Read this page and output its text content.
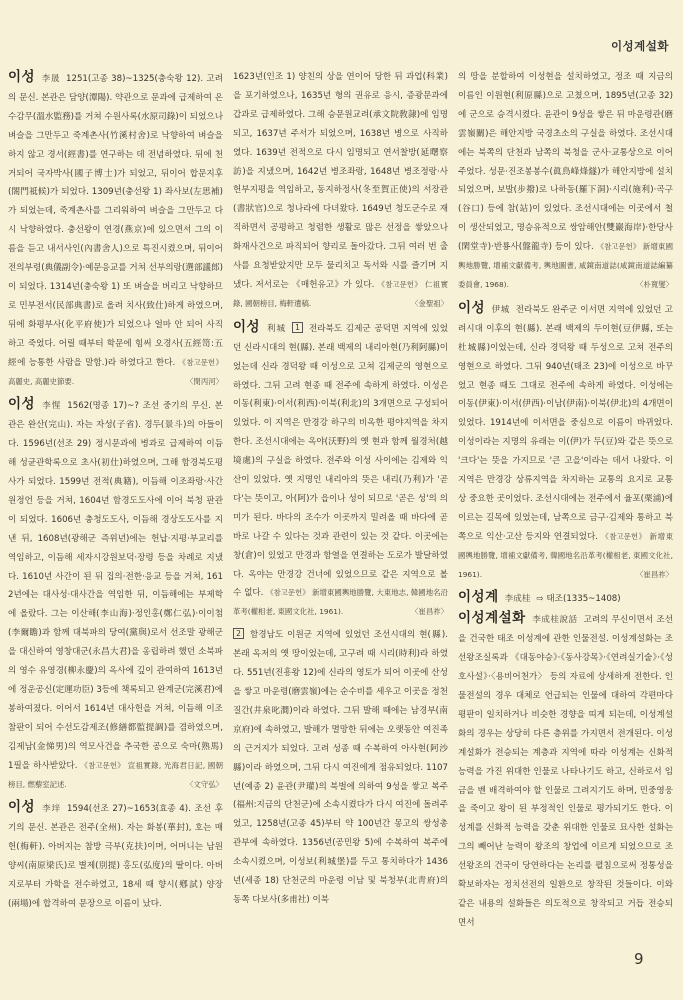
이성계설화

이성 李晟 1251(고종 38)~1325(충숙왕 12). 고려의 문신. 본관은 담양(潭陽). 약관으로 문과에 급제하여 온수감무(溫水監務)를 거쳐 수원사록(水原司錄)이 되었으나 벼슬을 그만두고 죽계촌사(竹溪村舍)로 낙향하여 벼슬을 하지 않고 경서(經書)를 연구하는 데 전념하였다. 뒤에 천거되어 국자박사(國子博士)가 되었고, 뒤이어 합문지후(閤門祗候)가 되었다. 1309년(충선왕 1) 좌사보(左思補)가 되었는데, 죽계촌사를 그리워하여 벼슬을 그만두고 다시 낙향하였다. 충선왕이 연경(燕京)에 있으면서 그의 이름을 듣고 내서사인(內書舍人)으로 특진시켰으며, 뒤이어 전의부령(典儀副令)·예문응교를 거쳐 선부의랑(選部議郎)이 되었다. 1314년(충숙왕 1) 또 벼슬을 버리고 낙향하므로 민부전서(民部典書)로 올려 치사(致仕)하게 하였으며, 뒤에 화평부사(化平府使)가 되었으나 얼마 안 되어 사직하고 죽었다. 어릴 때부터 학문에 힘써 오경사(五經笥:五經에 능통한 사람을 말함.)라 하였다고 한다. 《참고문헌》 高麗史, 高麗史節要.	〈閔丙河〉

이성 李惺 1562(명종 17)~? 조선 중기의 무신. 본관은 완산(完山). 자는 자성(子省). 경두(景斗)의 아들이다. 1596년(선조 29) 정시문과에 병과로 급제하여 이듬해 성균관학록으로 초사(初仕)하였으며, 그해 함경북도평사가 되었다. 1599년 전적(典籍), 이듬해 이조좌랑·사간원정언 등을 거쳐, 1604년 함경도도사에 이어 북청 판관이 되었다. 1606년 충청도도사, 이듬해 경상도도사를 지낸 뒤, 1608년(광해군 즉위년)에는 헌납·지평·부교리를 역임하고, 이듬해 세자시강원보덕·장령 등을 차례로 지냈다. 1610년 사간이 된 뒤 집의·전한·응교 등을 거쳐, 1612년에는 대사성·대사간을 역임한 뒤, 이듬해에는 부제학에 올랐다. 그는 이산해(李山海)·정인홍(鄭仁弘)·이이첨(李爾瞻)과 함께 대북파의 당여(黨與)로서 선조말 광해군을 대신하여 영창대군(永昌大君)을 옹립하려 했던 소북파의 영수 유영경(柳永慶)의 옥사에 깊이 관여하여 1613년에 정운공신(定運功臣) 3등에 책록되고 완계군(完溪君)에 봉하여졌다. 이어서 1614년 대사헌을 거쳐, 이듬해 이조참판이 되어 수선도감제조(修繕都監提調)를 겸하였으며, 김제남(金悌男)의 역모사건을 추국한 공으로 숙마(熟馬) 1필을 하사받았다. 《참고문헌》 宣祖實錄, 光海君日記, 國朝榜目, 燃藜室記述.	〈文守弘〉

이성 李垶 1594(선조 27)~1653(효종 4). 조선 후기의 문신. 본관은 전주(全州). 자는 화봉(華封), 호는 매헌(梅軒). 아버지는 참방 극부(克扶)이며, 어머니는 남원양씨(南原梁氏)로 별제(別提) 홍도(弘度)의 딸이다. 아버지로부터 가학을 전수하였고, 18세 때 향시(鄕試) 양장(兩場)에 합격하여 문장으로 이름이 났다.

1623년(인조 1) 양친의 상을 연이어 당한 뒤 과업(科業)을 포기하였으나, 1635년 형의 권유로 응시, 증광문과에 갑과로 급제하였다. 그해 승문원교려(承文院敎隷)에 임명되고, 1637년 주서가 되었으며, 1638년 병으로 사직하였다. 1639년 전적으로 다시 임명되고 연서찰방(延曙察訪)을 지냈으며, 1642년 병조좌랑, 1648년 병조정랑·사헌부지평을 역임하고, 동지하정사(冬至賀正使)의 서장관(書狀官)으로 청나라에 다녀왔다. 1649년 청도군수로 재직하면서 공평하고 청렴한 생활로 많은 선정을 쌓았으나 화재사건으로 파직되어 향리로 돌아갔다. 그뒤 여러 번 출사를 요청받았지만 모두 물리치고 독서와 시를 즐기며 지냈다. 저서로는 《매헌유고》가 있다. 《참고문헌》 仁祖實錄, 國朝榜目, 梅軒遺稿.	〈金聖祖〉

이성 利城 1 전라북도 김제군 공덕면 지역에 있었던 신라시대의 현(縣). 본래 백제의 내리아현(乃利阿縣)이었는데 신라 경덕왕 때 이성으로 고쳐 김제군의 영현으로 하였다. 그뒤 고려 현종 때 전주에 속하게 하였다. 이성은 이동(利東)·이서(利西)·이북(利北)의 3개면으로 구성되어 있었다. 이 지역은 만경강 하구의 비옥한 평야지역을 차지한다. 조선시대에는 옥야(沃野)의 옛 현과 함께 월경처(越境處)의 구실을 하였다. 전주와 이성 사이에는 김제와 익산이 있었다. 옛 지명인 내리아의 뜻은 내리(乃利)가 '곧다'는 뜻이고, 아(阿)가 읍이나 성이 되므로 '곧은 성'의 의미가 된다. 바다의 조수가 이곳까지 밀려올 때 바다에 곧바로 나갈 수 있다는 것과 관련이 있는 것 같다. 이곳에는 창(倉)이 있었고 만경과 함열을 연결하는 도로가 발달하였다. 옥야는 만경강 건너에 있었으므로 같은 지역으로 볼 수 없다. 《참고문헌》 新增東國輿地勝覽, 大東地志, 韓國地名沿革考(權相老, 東國文化社, 1961).	〈崔昌祚〉

2 함경남도 이원군 지역에 있었던 조선시대의 현(縣). 본래 옥저의 옛 땅이었는데, 고구려 때 시리(時利)라 하였다. 551년(진흥왕 12)에 신라의 영토가 되어 이곳에 산성을 쌓고 마운령(磨雲嶺)에는 순수비를 세우고 이곳을 정천질간(井泉叱澗)이라 하였다. 그뒤 발해 때에는 남경부(南京府)에 속하였고, 발해가 멸망한 뒤에는 오랫동안 여진족의 근거지가 되었다. 고려 성종 때 수복하여 아사현(阿沙縣)이라 하였으며, 그뒤 다시 여진에게 점유되었다. 1107년(예종 2) 윤관(尹瓘)의 북벌에 의하여 9성을 쌓고 복주(福州:지금의 단천군)에 소속시켰다가 다시 여진에 돌려주었고, 1258년(고종 45)부터 약 100년간 몽고의 쌍성총관부에 속하였다. 1356년(공민왕 5)에 수복하여 복주에 소속시켰으며, 이성보(利城堡)를 두고 통치하다가 1436년(세종 18) 단천군의 마운령 이남 및 북청부(北靑府)의 동쪽 다보사(多甫社) 이북

의 땅을 분할하여 이성현을 설치하였고, 정조 때 지금의 이름인 이원현(利原縣)으로 고쳤으며, 1895년(고종 32)에 군으로 승격시켰다. 윤관이 9성을 쌓은 뒤 마운령관(磨雲嶺關)은 해안지방 국경초소의 구실을 하였다. 조선시대에는 북쪽의 단천과 남쪽의 북청을 군사·교통상으로 이어주었다. 성문·진조봉봉수(眞鳥峰烽燧)가 해안지방에 설치되었으며, 보발(步撥)로 나하동(羅下洞)·시리(施利)·곡구(谷口) 등에 참(站)이 있었다. 조선시대에는 이곳에서 철이 생산되었고, 명승유적으로 쌍암해안(雙巖海岸)·한당사(閑堂寺)·반룡사(盤龍寺) 등이 있다. 《참고문헌》 新增東國輿地勝覽, 增補文獻備考, 輿地圖書, 咸鏡南道誌(咸鏡南道誌編纂委員會, 1968).	〈朴寬燮〉

이성 伊城 전라북도 완주군 이서면 지역에 있었던 고려시대 이후의 현(縣). 본래 백제의 두이현(豆伊縣, 또는 杜城縣)이었는데, 신라 경덕왕 때 두성으로 고쳐 전주의 영현으로 하였다. 그뒤 940년(태조 23)에 이성으로 바꾸었고 현종 때도 그대로 전주에 속하게 하였다. 이성에는 이동(伊東)·이서(伊西)·이남(伊南)·이북(伊北)의 4개면이 있었다. 1914년에 이서면을 중심으로 이름이 바뀌었다. 이성이라는 지명의 유래는 이(伊)가 두(豆)와 같은 뜻으로 '크다'는 뜻을 가지므로 '큰 고을'이라는 데서 나왔다. 이 지역은 만경강 상류지역을 차지하는 교통의 요지로 교통상 중요한 곳이었다. 조선시대에는 전주에서 율포(栗浦)에 이르는 길목에 있었는데, 남쪽으로 금구·김제와 통하고 북쪽으로 익산·고산 등지와 연결되었다. 《참고문헌》 新增東國輿地勝覽, 增補文獻備考, 韓國地名沿革考(權相老, 東國文化社, 1961).	〈崔昌祚〉

이성계 李成桂 ⇨ 태조(1335~1408)

이성계설화 李成桂說話 고려의 무신이면서 조선을 건국한 태조 이성계에 관한 인물전설. 이성계설화는 조선왕조실록과 《대동야승》·《동사강목》·《연려실기술》·《성호사설》·〈용비어천가〉 등의 자료에 상세하게 전한다. 인물전설의 경우 대체로 언급되는 인물에 대하여 각편마다 평판이 일치하거나 비슷한 경향을 띠게 되는데, 이성계설화의 경우는 상당히 다른 층위를 가지면서 전개된다. 이성계설화가 전승되는 계층과 지역에 따라 이성계는 신화적 능력을 가진 위대한 인물로 나타나기도 하고, 신하로서 임금을 벤 배격하여야 할 인물로 그려지기도 하며, 민중영웅을 죽이고 왕이 된 부정적인 인물로 평가되기도 한다. 이성계를 신화적 능력을 갖춘 위대한 인물로 묘사한 설화는 그의 빼어난 능력이 왕조의 창업에 이르게 되었으므로 조선왕조의 건국이 당연하다는 논리를 펼침으로써 정통성을 확보하자는 정치선전의 일환으로 창작된 것들이다. 이와같은 내용의 설화들은 의도적으로 창작되고 거듭 전승되면서

9
